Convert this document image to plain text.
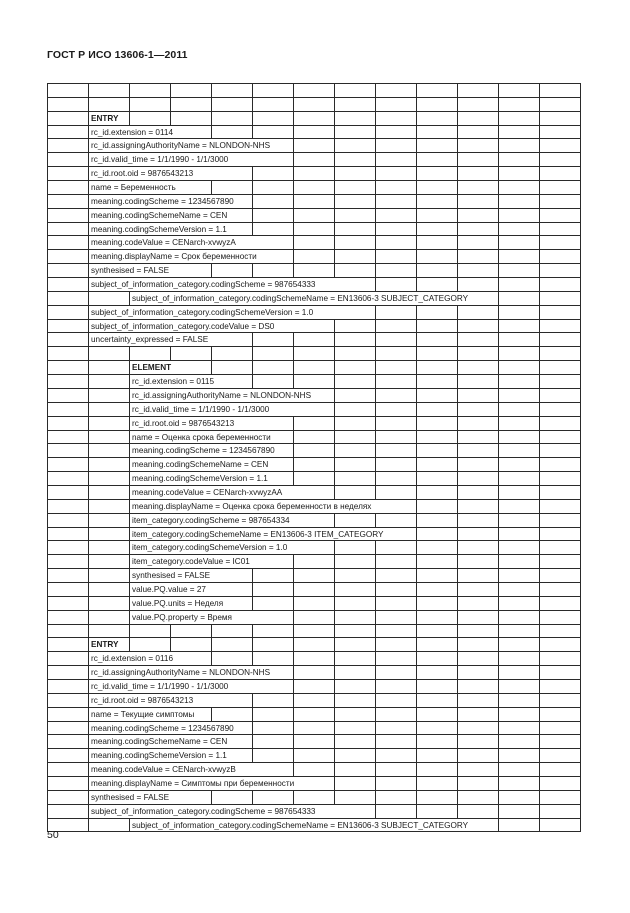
ГОСТ Р ИСО 13606-1—2011
ENTRY
rc_id.extension = 0114
rc_id.assigningAuthorityName = NLONDON-NHS
rc_id.valid_time = 1/1/1990 - 1/1/3000
rc_id.root.oid = 9876543213
name = Беременность
meaning.codingScheme = 1234567890
meaning.codingSchemeName = CEN
meaning.codingSchemeVersion = 1.1
meaning.codeValue = CENarch-xvwyzA
meaning.displayName = Срок беременности
synthesised = FALSE
subject_of_information_category.codingScheme = 987654333
subject_of_information_category.codingSchemeName = EN13606-3 SUBJECT_CATEGORY
subject_of_information_category.codingSchemeVersion = 1.0
subject_of_information_category.codeValue = DS0
uncertainty_expressed = FALSE
ELEMENT
rc_id.extension = 0115
rc_id.assigningAuthorityName = NLONDON-NHS
rc_id.valid_time = 1/1/1990 - 1/1/3000
rc_id.root.oid = 9876543213
name = Оценка срока беременности
meaning.codingScheme = 1234567890
meaning.codingSchemeName = CEN
meaning.codingSchemeVersion = 1.1
meaning.codeValue = CENarch-xvwyzAA
meaning.displayName = Оценка срока беременности в неделях
item_category.codingScheme = 987654334
item_category.codingSchemeName = EN13606-3 ITEM_CATEGORY
item_category.codingSchemeVersion = 1.0
item_category.codeValue = IC01
synthesised = FALSE
value.PQ.value = 27
value.PQ.units = Неделя
value.PQ.property = Время
ENTRY
rc_id.extension = 0116
rc_id.assigningAuthorityName = NLONDON-NHS
rc_id.valid_time = 1/1/1990 - 1/1/3000
rc_id.root.oid = 9876543213
name = Текущие симптомы
meaning.codingScheme = 1234567890
meaning.codingSchemeName = CEN
meaning.codingSchemeVersion = 1.1
meaning.codeValue = CENarch-xvwyzB
meaning.displayName = Симптомы при беременности
synthesised = FALSE
subject_of_information_category.codingScheme = 987654333
subject_of_information_category.codingSchemeName = EN13606-3 SUBJECT_CATEGORY
50
